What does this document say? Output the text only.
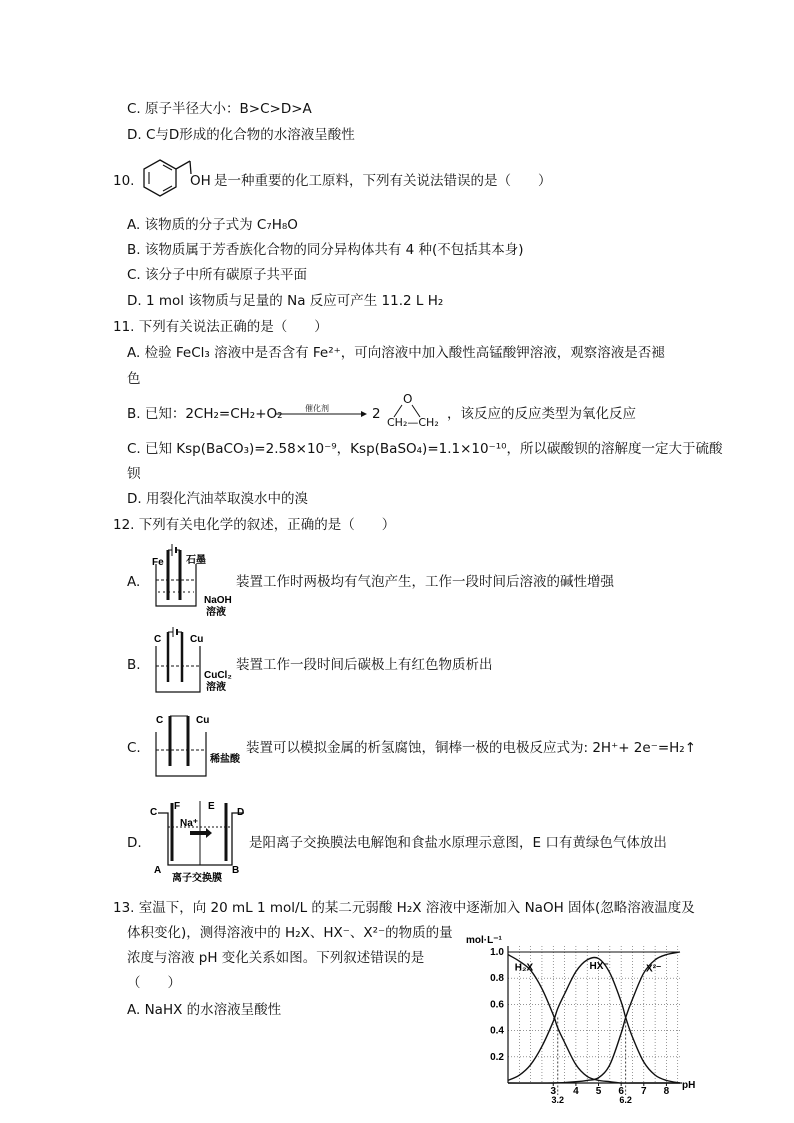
C. 原子半径大小：B>C>D>A
D. C与D形成的化合物的水溶液呈酸性
10.	OH 是一种重要的化工原料，下列有关说法错误的是（　　）
A. 该物质的分子式为 C₇H₈O
B. 该物质属于芳香族化合物的同分异构体共有 4 种(不包括其本身)
C. 该分子中所有碳原子共平面
D. 1 mol 该物质与足量的 Na 反应可产生 11.2 L H₂
11. 下列有关说法正确的是（　　）
A. 检验 FeCl₃ 溶液中是否含有 Fe²⁺，可向溶液中加入酸性高锰酸钾溶液，观察溶液是否褪
色
B. 已知：2CH₂=CH₂+O₂	催化剂	2
O
CH₂—CH₂
，该反应的反应类型为氧化反应
C. 已知 Ksp(BaCO₃)=2.58×10⁻⁹，Ksp(BaSO₄)=1.1×10⁻¹⁰，所以碳酸钡的溶解度一定大于硫酸
钡
D. 用裂化汽油萃取溴水中的溴
12. 下列有关电化学的叙述，正确的是（　　）
A.
Fe 石墨
NaOH
溶液
装置工作时两极均有气泡产生，工作一段时间后溶液的碱性增强
B.
C	Cu
CuCl₂
溶液
装置工作一段时间后碳极上有红色物质析出
C.
C	Cu
稀盐酸
装置可以模拟金属的析氢腐蚀，铜棒一极的电极反应式为: 2H⁺+ 2e⁻=H₂↑
D.
C	D
E
F
Na⁺
A	B
离子交换膜
是阳离子交换膜法电解饱和食盐水原理示意图，E 口有黄绿色气体放出
13. 室温下，向 20 mL 1 mol/L 的某二元弱酸 H₂X 溶液中逐渐加入 NaOH 固体(忽略溶液温度及
体积变化)，测得溶液中的 H₂X、HX⁻、X²⁻的物质的量
浓度与溶液 pH 变化关系如图。下列叙述错误的是
（　　）
A. NaHX 的水溶液呈酸性
mol·L⁻¹
1.0
0.8
0.6
0.4
0.2
3 4 5 6 7 8
3.2	6.2
H₂X	HX⁻	X²⁻
pH
